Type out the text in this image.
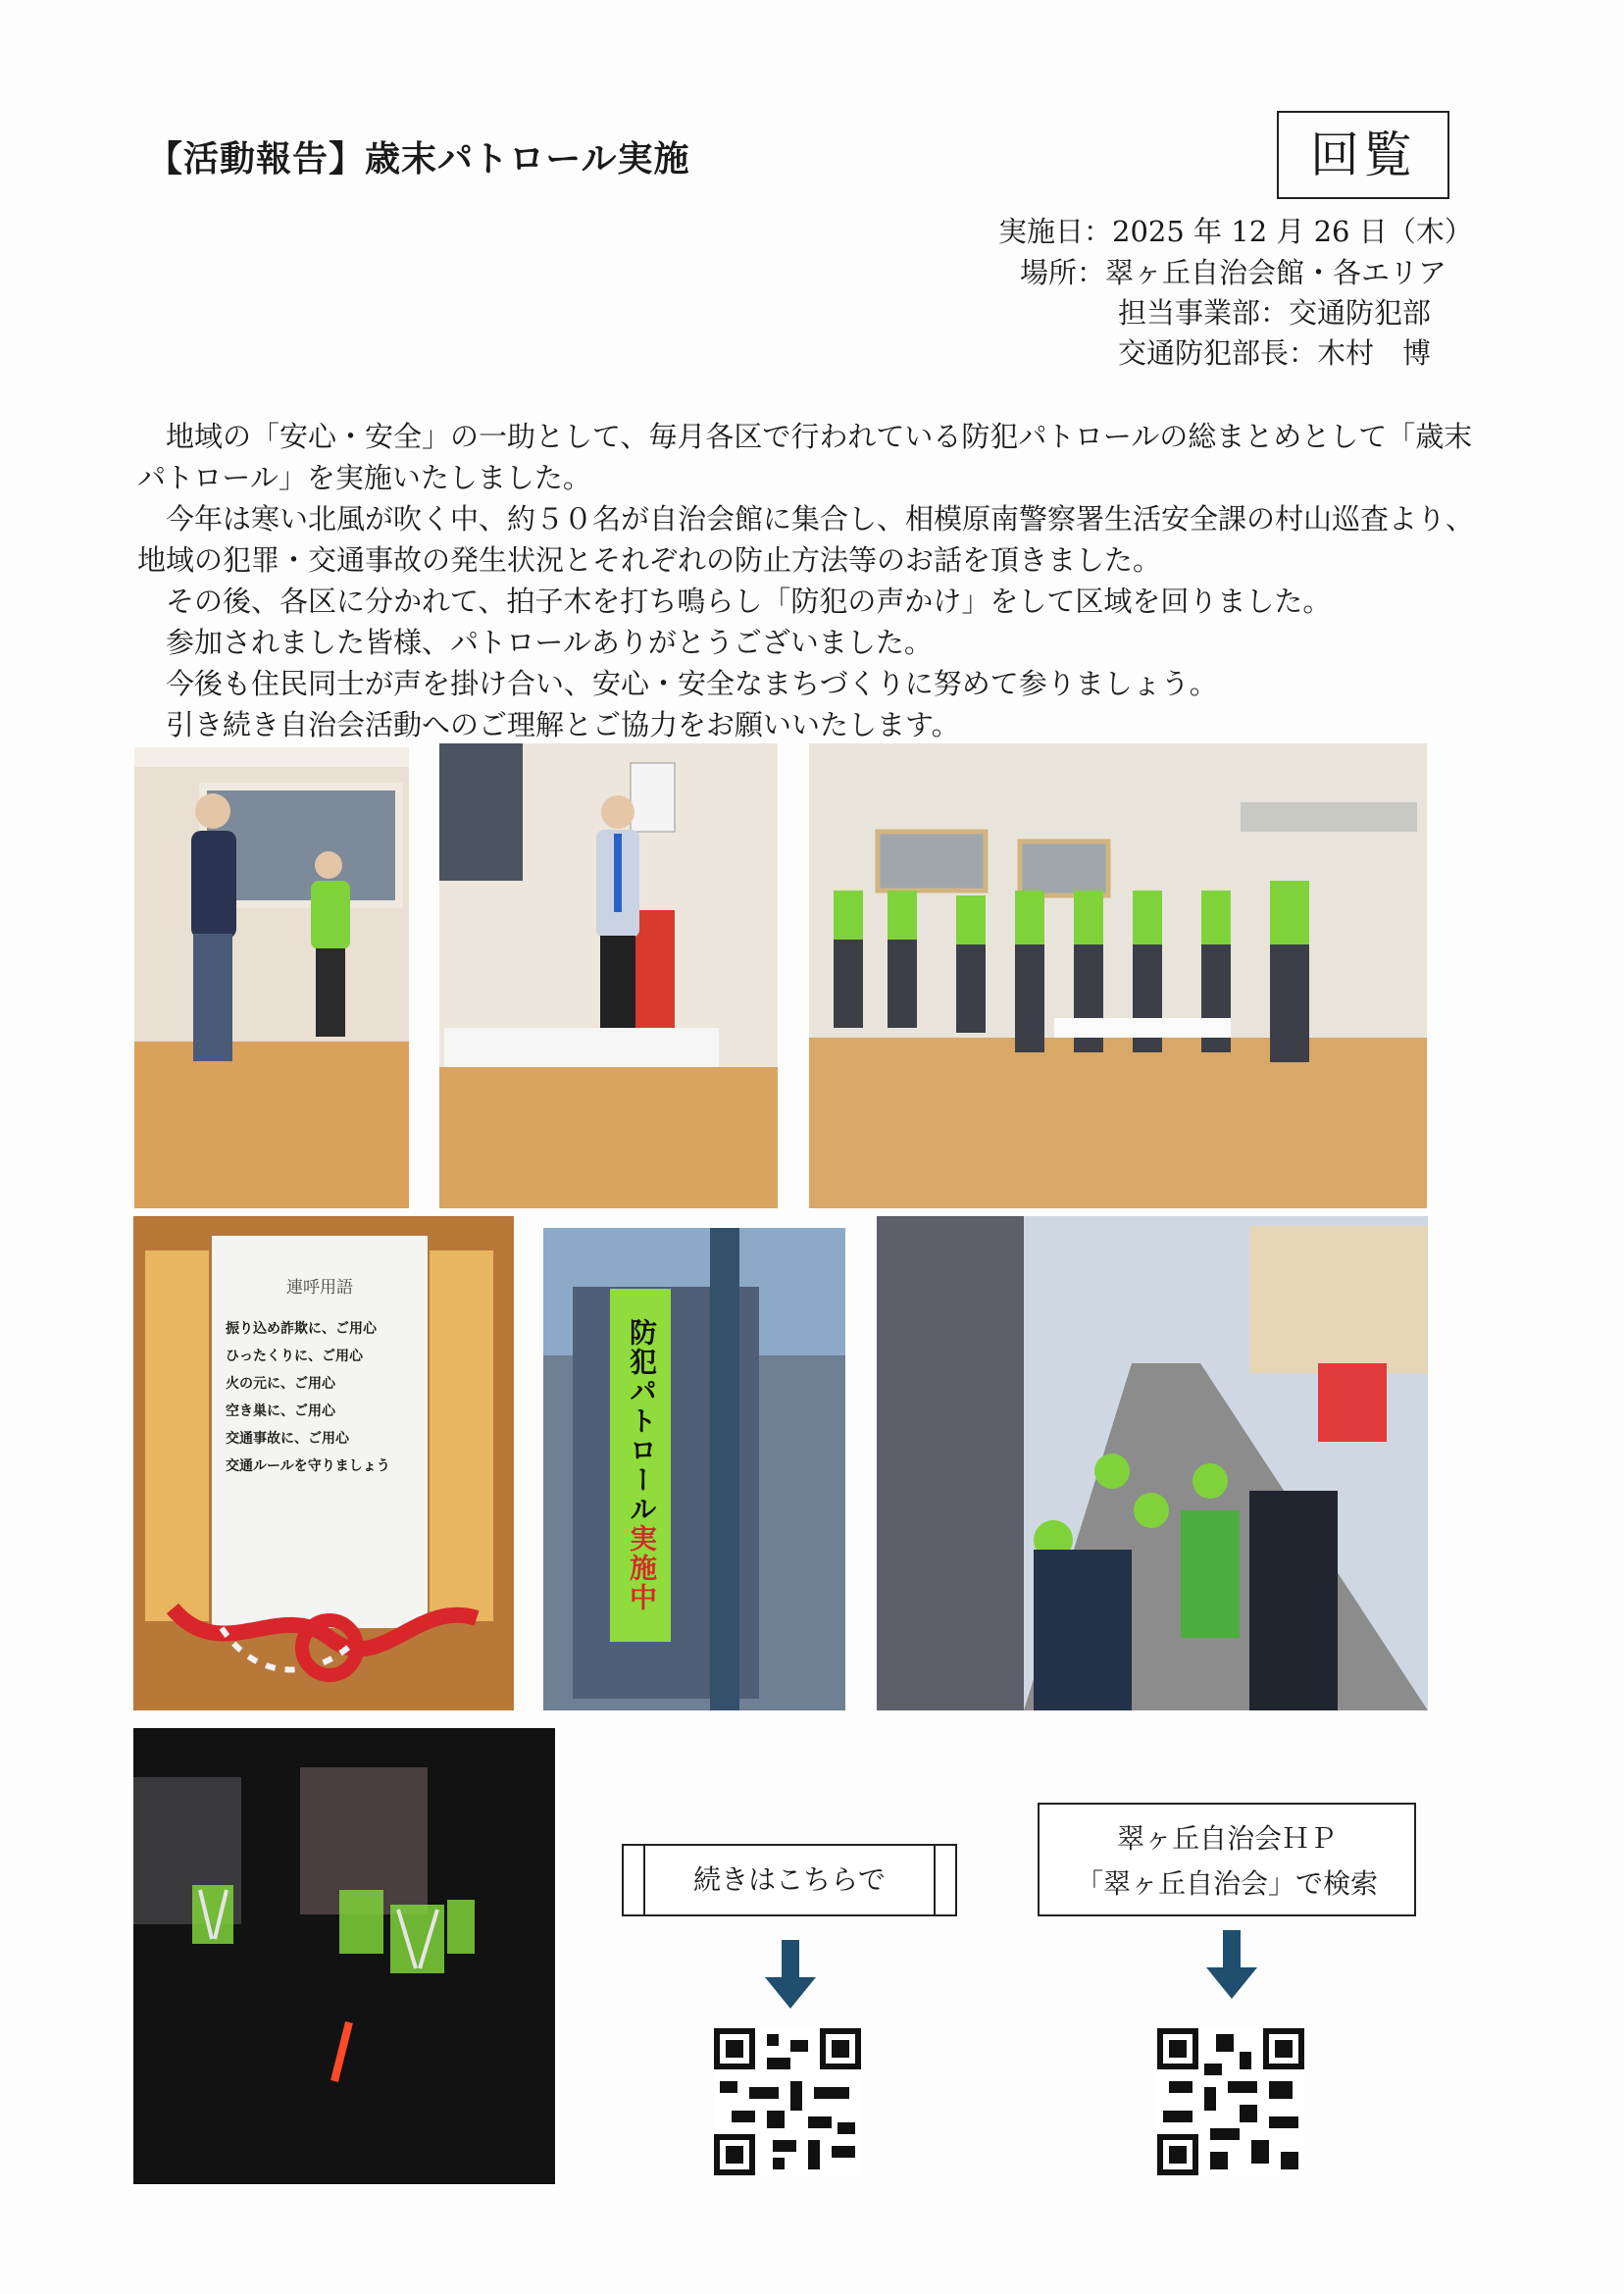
【活動報告】歳末パトロール実施	回覧
実施日：2025 年 12 月 26 日（木）
場所：翠ヶ丘自治会館・各エリア
担当事業部：交通防犯部
交通防犯部長：木村　博

地域の「安心・安全」の一助として、毎月各区で行われている防犯パトロールの総まとめとして「歳末パトロール」を実施いたしました。

今年は寒い北風が吹く中、約５０名が自治会館に集合し、相模原南警察署生活安全課の村山巡査より、地域の犯罪・交通事故の発生状況とそれぞれの防止方法等のお話を頂きました。

その後、各区に分かれて、拍子木を打ち鳴らし「防犯の声かけ」をして区域を回りました。

参加されました皆様、パトロールありがとうございました。

今後も住民同士が声を掛け合い、安心・安全なまちづくりに努めて参りましょう。

引き続き自治会活動へのご理解とご協力をお願いいたします。

連呼用語
振り込め詐欺に、ご用心
ひったくりに、ご用心
火の元に、ご用心
空き巣に、ご用心
交通事故に、ご用心
交通ルールを守りましょう	防犯パトロール実施中
続きはこちらで
翠ヶ丘自治会ＨＰ
「翠ヶ丘自治会」で検索
